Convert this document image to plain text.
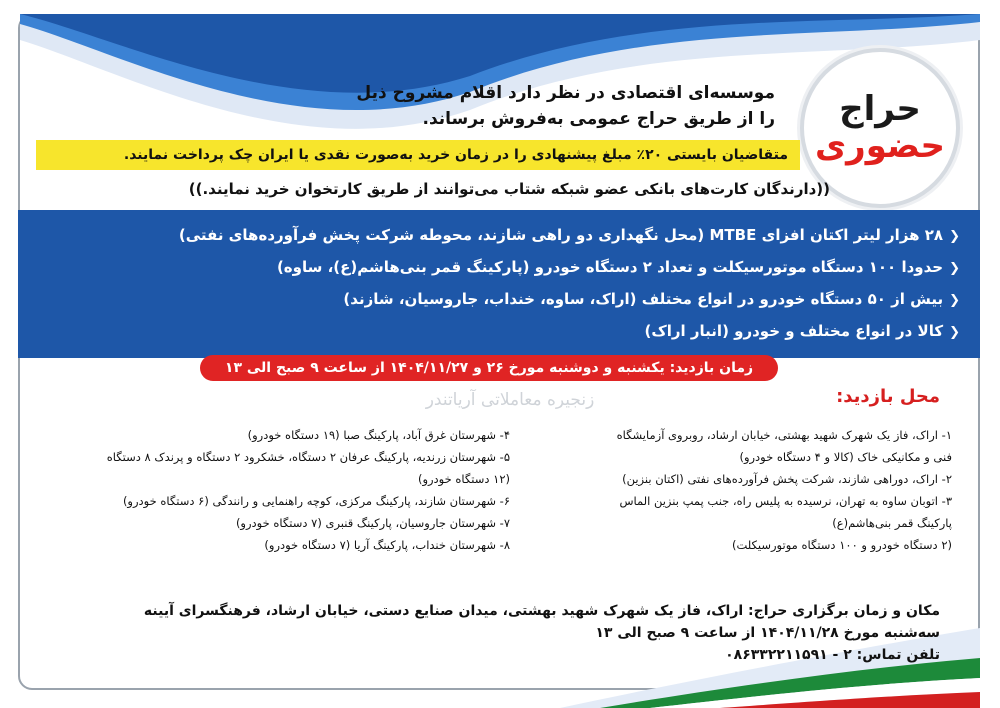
حراج
حضوری
موسسه‌ای اقتصادی در نظر دارد اقلام مشروح ذیل
را از طریق حراج عمومی به‌فروش برساند.
متقاضیان بایستی ۲۰٪ مبلغ پیشنهادی را در زمان خرید به‌صورت نقدی یا ایران چک پرداخت نمایند.
((دارندگان کارت‌های بانکی عضو شبکه شتاب می‌توانند از طریق کارتخوان خرید نمایند.))
❮۲۸ هزار لیتر اکتان افزای MTBE (محل نگهداری دو راهی شازند، محوطه شرکت پخش فرآورده‌های نفتی)
❮حدودا ۱۰۰ دستگاه موتورسیکلت و تعداد ۲ دستگاه خودرو (پارکینگ قمر بنی‌هاشم(ع)، ساوه)
❮بیش از ۵۰ دستگاه خودرو در انواع مختلف (اراک، ساوه، خنداب، جاروسیان، شازند)
❮کالا در انواع مختلف و خودرو (انبار اراک)
زمان بازدید: یکشنبه و دوشنبه مورخ ۲۶ و ۱۴۰۴/۱۱/۲۷ از ساعت ۹ صبح الی ۱۳
محل بازدید:
زنجیره معاملاتی آریاتندر
۱- اراک، فاز یک شهرک شهید بهشتی، خیابان ارشاد، روبروی آزمایشگاه
فنی و مکانیکی خاک (کالا و ۴ دستگاه خودرو)
۲- اراک، دوراهی شازند، شرکت پخش فرآورده‌های نفتی (اکتان بنزین)
۳- اتوبان ساوه به تهران، نرسیده به پلیس راه، جنب پمپ بنزین الماس
پارکینگ قمر بنی‌هاشم(ع)
(۲ دستگاه خودرو و ۱۰۰ دستگاه موتورسیکلت)
۴- شهرستان غرق آباد، پارکینگ صبا (۱۹ دستگاه خودرو)
۵- شهرستان زرندیه، پارکینگ عرفان ۲ دستگاه، خشکرود ۲ دستگاه و پرندک ۸ دستگاه
(۱۲ دستگاه خودرو)
۶- شهرستان شازند، پارکینگ مرکزی، کوچه راهنمایی و رانندگی (۶ دستگاه خودرو)
۷- شهرستان جاروسیان، پارکینگ قنبری (۷ دستگاه خودرو)
۸- شهرستان خنداب، پارکینگ آریا (۷ دستگاه خودرو)
مکان و زمان برگزاری حراج: اراک، فاز یک شهرک شهید بهشتی، میدان صنایع دستی، خیابان ارشاد، فرهنگسرای آیینه
سه‌شنبه مورخ ۱۴۰۴/۱۱/۲۸ از ساعت ۹ صبح الی ۱۳
تلفن تماس: ۲ - ۰۸۶۳۳۲۲۱۱۵۹۱
